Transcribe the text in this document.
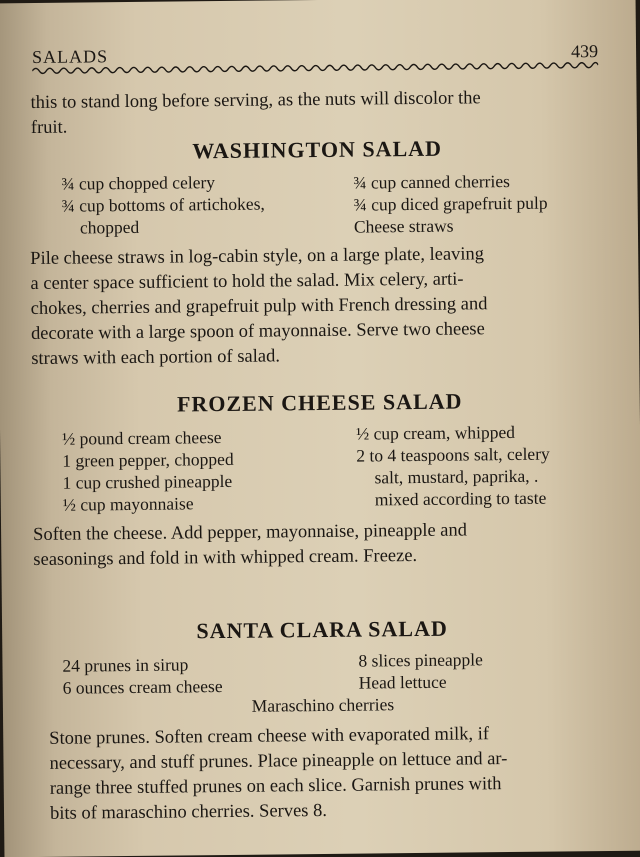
SALADS	439
this to stand long before serving, as the nuts will discolor the
fruit.
WASHINGTON SALAD
¾ cup chopped celery
¾ cup bottoms of artichokes,
chopped
¾ cup canned cherries
¾ cup diced grapefruit pulp
Cheese straws
Pile cheese straws in log-cabin style, on a large plate, leaving
a center space sufficient to hold the salad. Mix celery, arti-
chokes, cherries and grapefruit pulp with French dressing and
decorate with a large spoon of mayonnaise. Serve two cheese
straws with each portion of salad.
FROZEN CHEESE SALAD
½ pound cream cheese
1 green pepper, chopped
1 cup crushed pineapple
½ cup mayonnaise
½ cup cream, whipped
2 to 4 teaspoons salt, celery
salt, mustard, paprika, .
mixed according to taste
Soften the cheese. Add pepper, mayonnaise, pineapple and
seasonings and fold in with whipped cream. Freeze.
SANTA CLARA SALAD
24 prunes in sirup
6 ounces cream cheese
8 slices pineapple
Head lettuce
Maraschino cherries
Stone prunes. Soften cream cheese with evaporated milk, if
necessary, and stuff prunes. Place pineapple on lettuce and ar-
range three stuffed prunes on each slice. Garnish prunes with
bits of maraschino cherries. Serves 8.
